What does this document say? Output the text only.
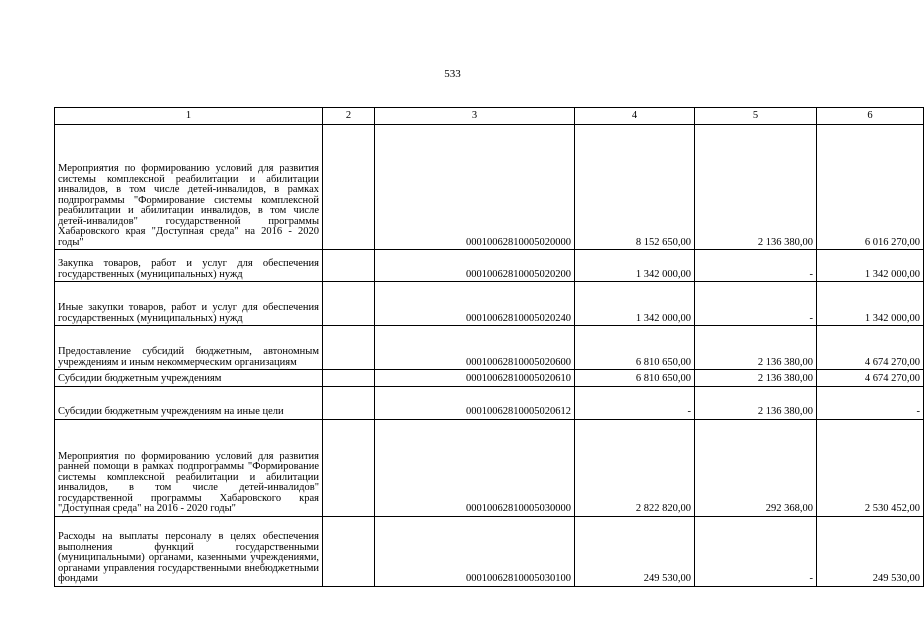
533
1	2	3	4	5	6
Мероприятия по формированию условий для развития системы комплексной реабилитации и абилитации инвалидов, в том числе детей-инвалидов, в рамках подпрограммы "Формирование системы комплексной реабилитации и абилитации инвалидов, в том числе детей-инвалидов" государственной программы Хабаровского края "Доступная среда" на 2016 - 2020 годы"		00010062810005020000	8 152 650,00	2 136 380,00	6 016 270,00
Закупка товаров, работ и услуг для обеспечения государственных (муниципальных) нужд		00010062810005020200	1 342 000,00	-	1 342 000,00
Иные закупки товаров, работ и услуг для обеспечения государственных (муниципальных) нужд		00010062810005020240	1 342 000,00	-	1 342 000,00
Предоставление субсидий бюджетным, автономным учреждениям и иным некоммерческим организациям		00010062810005020600	6 810 650,00	2 136 380,00	4 674 270,00
Субсидии бюджетным учреждениям		00010062810005020610	6 810 650,00	2 136 380,00	4 674 270,00
Субсидии бюджетным учреждениям на иные цели		00010062810005020612	-	2 136 380,00	-
Мероприятия по формированию условий для развития ранней помощи в рамках подпрограммы "Формирование системы комплексной реабилитации и абилитации инвалидов, в том числе детей-инвалидов" государственной программы Хабаровского края "Доступная среда" на 2016 - 2020 годы"		00010062810005030000	2 822 820,00	292 368,00	2 530 452,00
Расходы на выплаты персоналу в целях обеспечения выполнения функций государственными (муниципальными) органами, казенными учреждениями, органами управления государственными внебюджетными фондами		00010062810005030100	249 530,00	-	249 530,00
